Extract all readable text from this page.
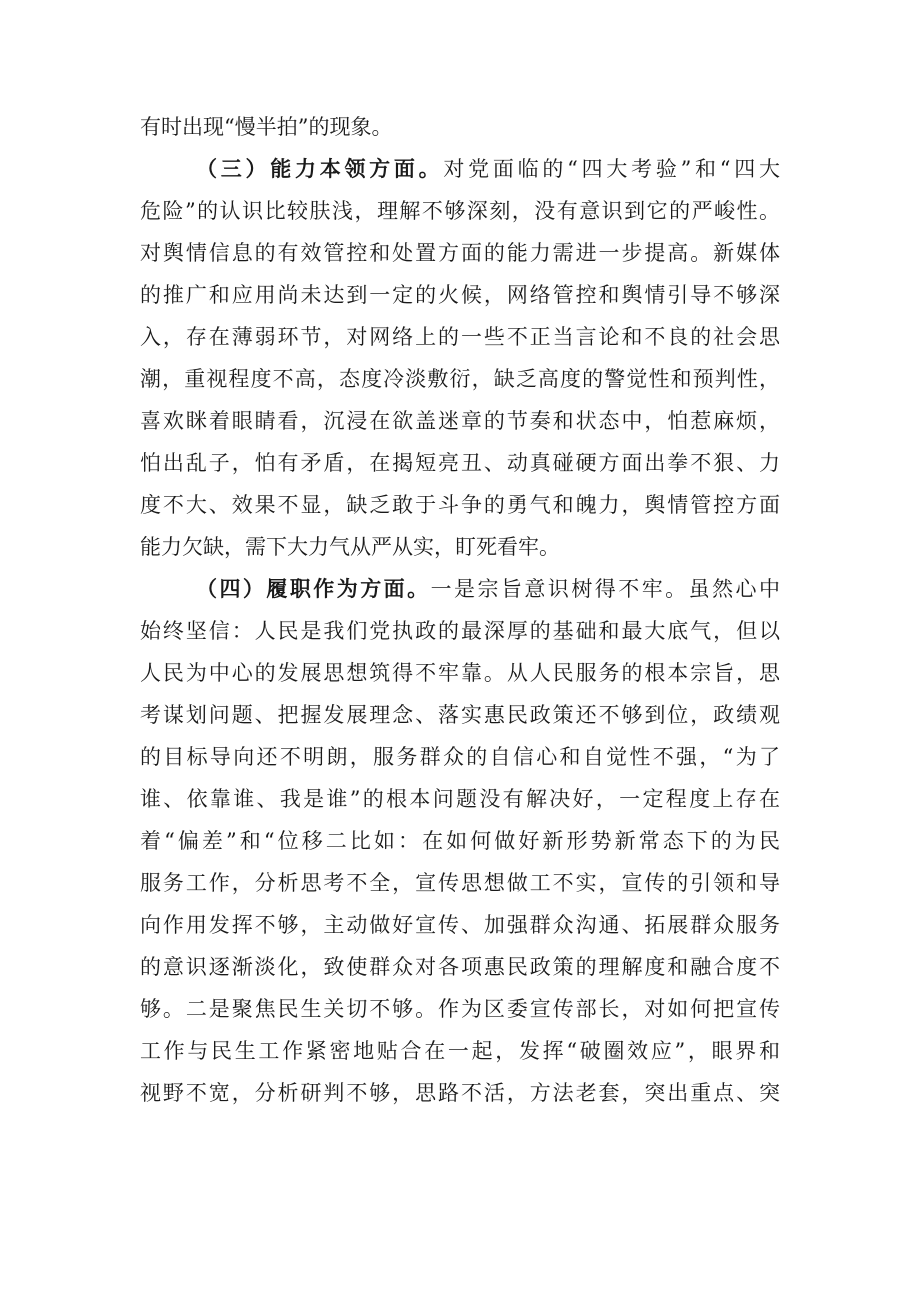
有时出现“慢半拍”的现象。
（三）能力本领方面。对党面临的“四大考验”和“四大
危险”的认识比较肤浅，理解不够深刻，没有意识到它的严峻性。
对舆情信息的有效管控和处置方面的能力需进一步提高。新媒体
的推广和应用尚未达到一定的火候，网络管控和舆情引导不够深
入，存在薄弱环节，对网络上的一些不正当言论和不良的社会思
潮，重视程度不高，态度冷淡敷衍，缺乏高度的警觉性和预判性，
喜欢眯着眼睛看，沉浸在欲盖迷章的节奏和状态中，怕惹麻烦，
怕出乱子，怕有矛盾，在揭短亮丑、动真碰硬方面出拳不狠、力
度不大、效果不显，缺乏敢于斗争的勇气和魄力，舆情管控方面
能力欠缺，需下大力气从严从实，盯死看牢。
（四）履职作为方面。一是宗旨意识树得不牢。虽然心中
始终坚信：人民是我们党执政的最深厚的基础和最大底气，但以
人民为中心的发展思想筑得不牢靠。从人民服务的根本宗旨，思
考谋划问题、把握发展理念、落实惠民政策还不够到位，政绩观
的目标导向还不明朗，服务群众的自信心和自觉性不强，“为了
谁、依靠谁、我是谁”的根本问题没有解决好，一定程度上存在
着“偏差”和“位移二比如：在如何做好新形势新常态下的为民
服务工作，分析思考不全，宣传思想做工不实，宣传的引领和导
向作用发挥不够，主动做好宣传、加强群众沟通、拓展群众服务
的意识逐渐淡化，致使群众对各项惠民政策的理解度和融合度不
够。二是聚焦民生关切不够。作为区委宣传部长，对如何把宣传
工作与民生工作紧密地贴合在一起，发挥“破圈效应”，眼界和
视野不宽，分析研判不够，思路不活，方法老套，突出重点、突
